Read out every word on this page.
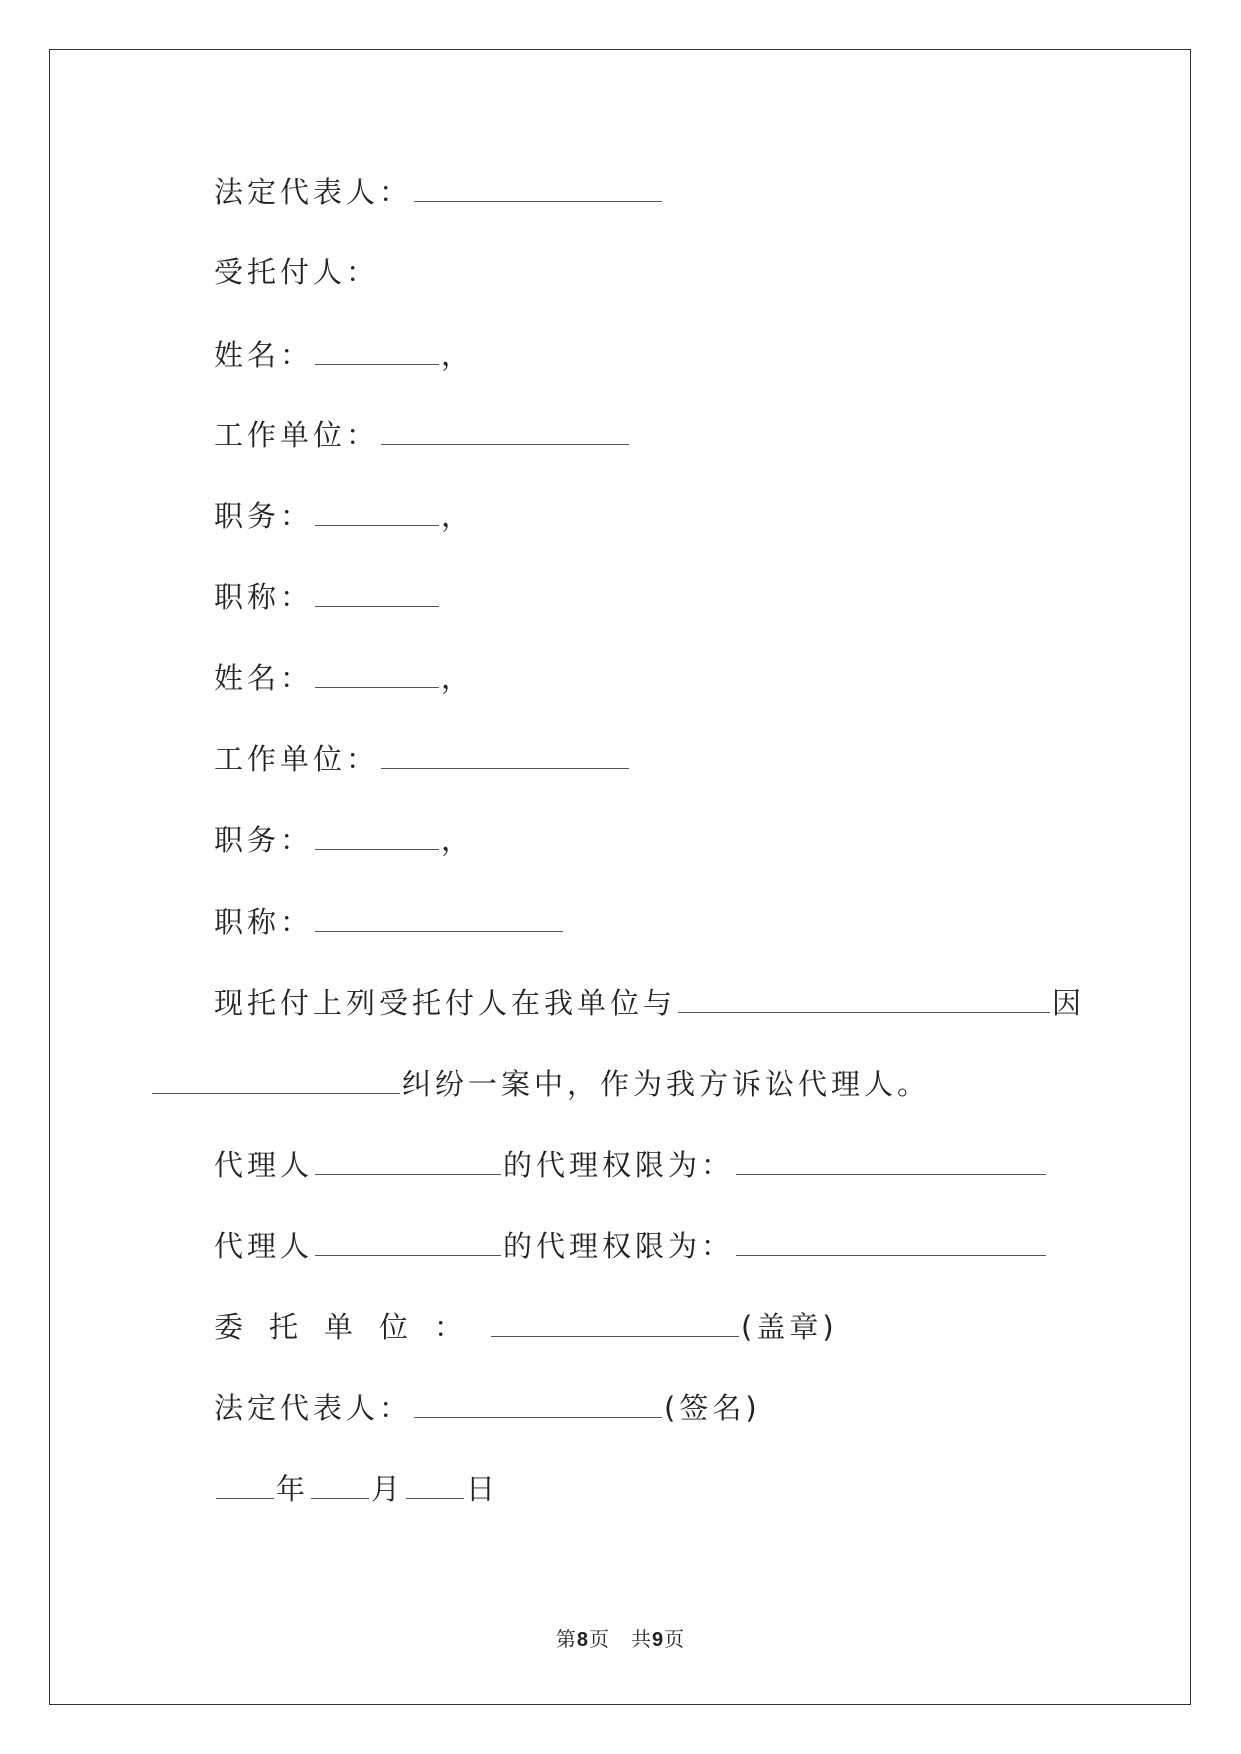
法定代表人：
受托付人：
姓名：	，
工作单位：
职务：	，
职称：
姓名：	，
工作单位：
职务：	，
职称：
现托付上列受托付人在我单位与	因
纠纷一案中，作为我方诉讼代理人。
代理人	的代理权限为：
代理人	的代理权限为：
委托单位：	(盖章)
法定代表人：	(签名)
年 月 日
第8页　共9页
